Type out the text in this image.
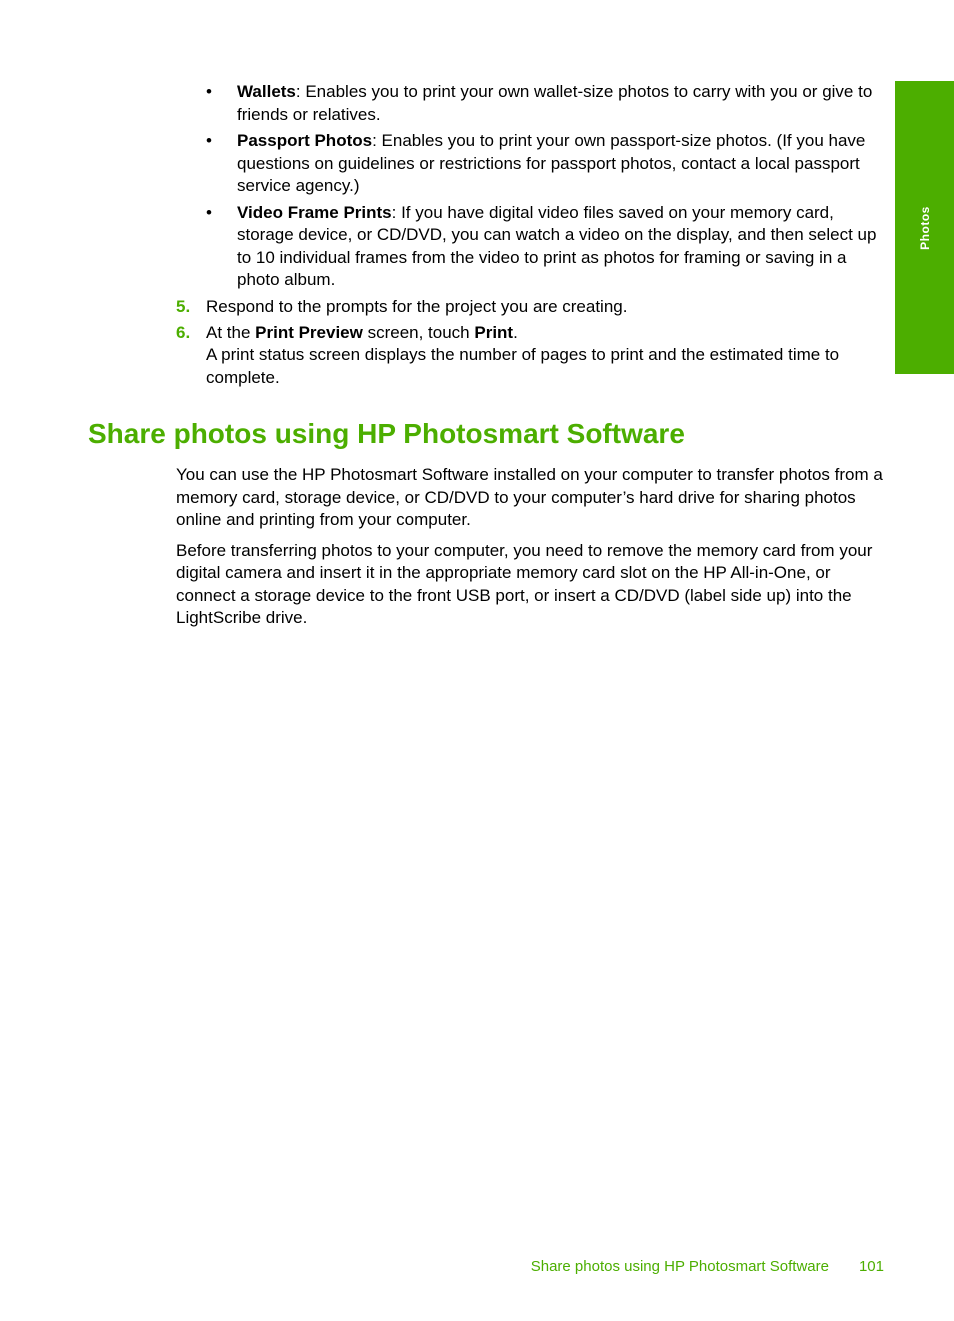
Photos
• Wallets: Enables you to print your own wallet-size photos to carry with you or give to friends or relatives.
• Passport Photos: Enables you to print your own passport-size photos. (If you have questions on guidelines or restrictions for passport photos, contact a local passport service agency.)
• Video Frame Prints: If you have digital video files saved on your memory card, storage device, or CD/DVD, you can watch a video on the display, and then select up to 10 individual frames from the video to print as photos for framing or saving in a photo album.
5. Respond to the prompts for the project you are creating.

6. At the Print Preview screen, touch Print.

A print status screen displays the number of pages to print and the estimated time to complete.

Share photos using HP Photosmart Software

You can use the HP Photosmart Software installed on your computer to transfer photos from a memory card, storage device, or CD/DVD to your computer’s hard drive for sharing photos online and printing from your computer.

Before transferring photos to your computer, you need to remove the memory card from your digital camera and insert it in the appropriate memory card slot on the HP All-in-One, or connect a storage device to the front USB port, or insert a CD/DVD (label side up) into the LightScribe drive.

Share photos using HP Photosmart Software 101
